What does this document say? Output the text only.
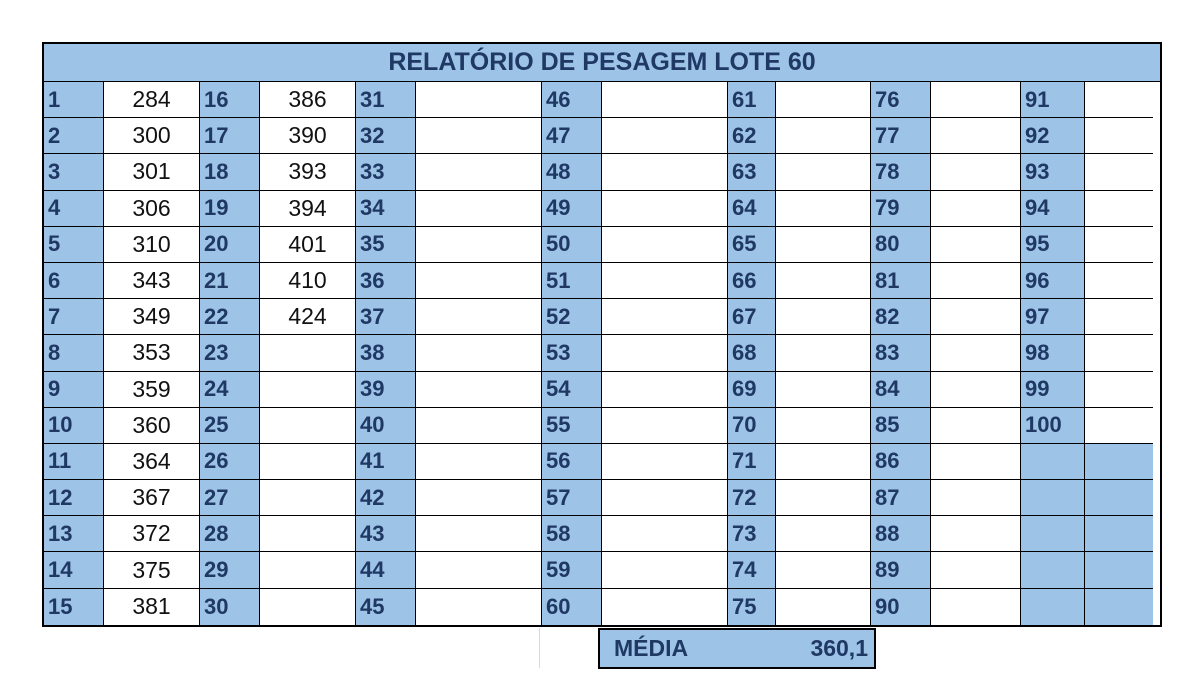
RELATÓRIO DE PESAGEM LOTE 60
1
2
3
4
5
6
7
8
9
10
11
12
13
14
15
284
300
301
306
310
343
349
353
359
360
364
367
372
375
381
16
17
18
19
20
21
22
23
24
25
26
27
28
29
30
386
390
393
394
401
410
424
31
32
33
34
35
36
37
38
39
40
41
42
43
44
45
46
47
48
49
50
51
52
53
54
55
56
57
58
59
60
61
62
63
64
65
66
67
68
69
70
71
72
73
74
75
76
77
78
79
80
81
82
83
84
85
86
87
88
89
90
91
92
93
94
95
96
97
98
99
100
MÉDIA	360,1
